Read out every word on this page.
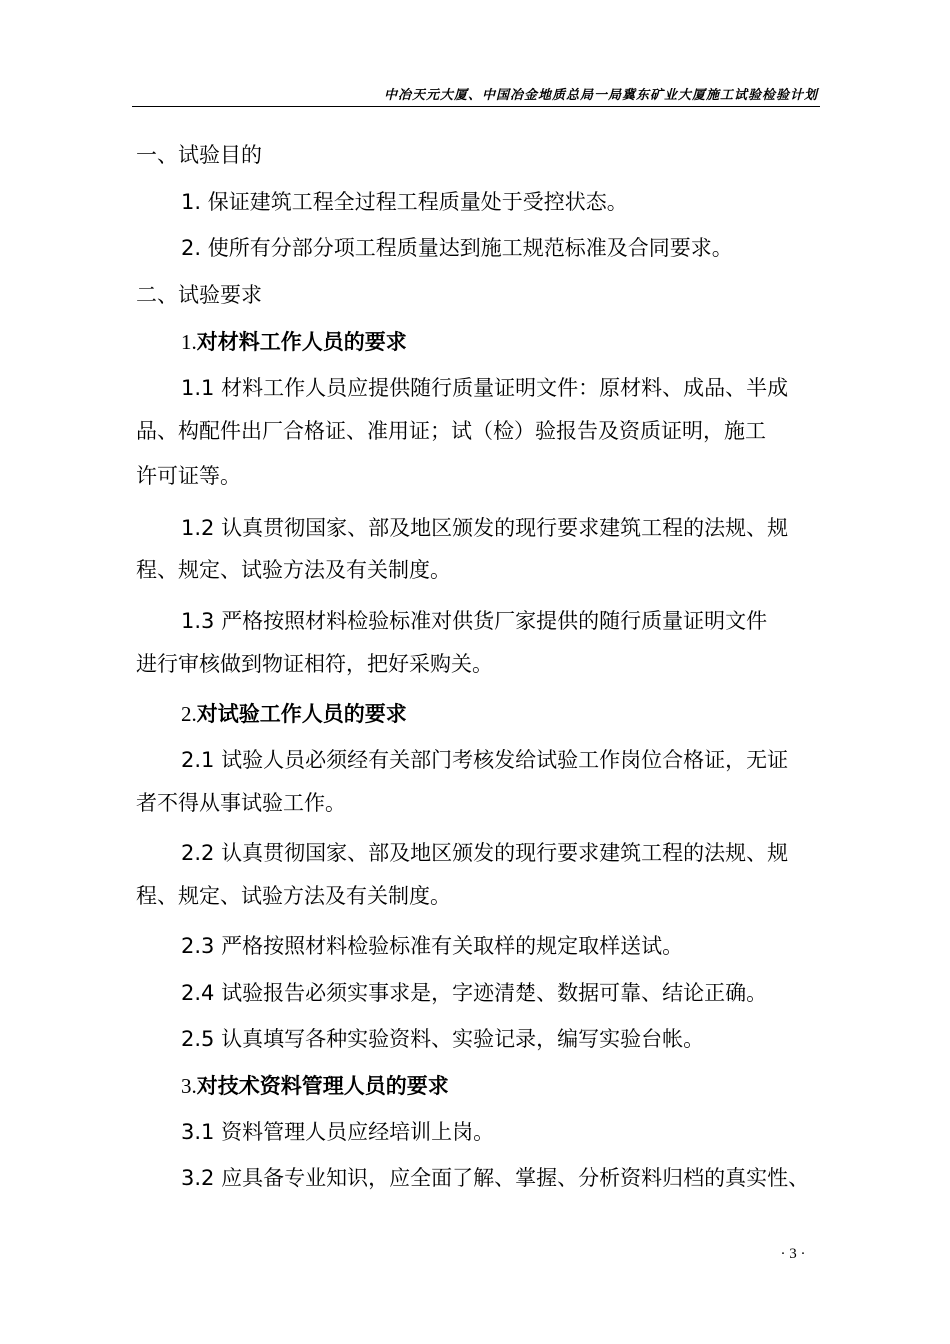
中冶天元大厦、中国冶金地质总局一局冀东矿业大厦施工试验检验计划
一、试验目的
1. 保证建筑工程全过程工程质量处于受控状态。
2. 使所有分部分项工程质量达到施工规范标准及合同要求。
二、试验要求
1.对材料工作人员的要求
1.1 材料工作人员应提供随行质量证明文件：原材料、成品、半成
品、构配件出厂合格证、准用证；试（检）验报告及资质证明，施工
许可证等。
1.2 认真贯彻国家、部及地区颁发的现行要求建筑工程的法规、规
程、规定、试验方法及有关制度。
1.3 严格按照材料检验标准对供货厂家提供的随行质量证明文件
进行审核做到物证相符，把好采购关。
2.对试验工作人员的要求
2.1 试验人员必须经有关部门考核发给试验工作岗位合格证，无证
者不得从事试验工作。
2.2 认真贯彻国家、部及地区颁发的现行要求建筑工程的法规、规
程、规定、试验方法及有关制度。
2.3 严格按照材料检验标准有关取样的规定取样送试。
2.4 试验报告必须实事求是，字迹清楚、数据可靠、结论正确。
2.5 认真填写各种实验资料、实验记录，编写实验台帐。
3.对技术资料管理人员的要求
3.1 资料管理人员应经培训上岗。
3.2 应具备专业知识，应全面了解、掌握、分析资料归档的真实性、
· 3 ·
